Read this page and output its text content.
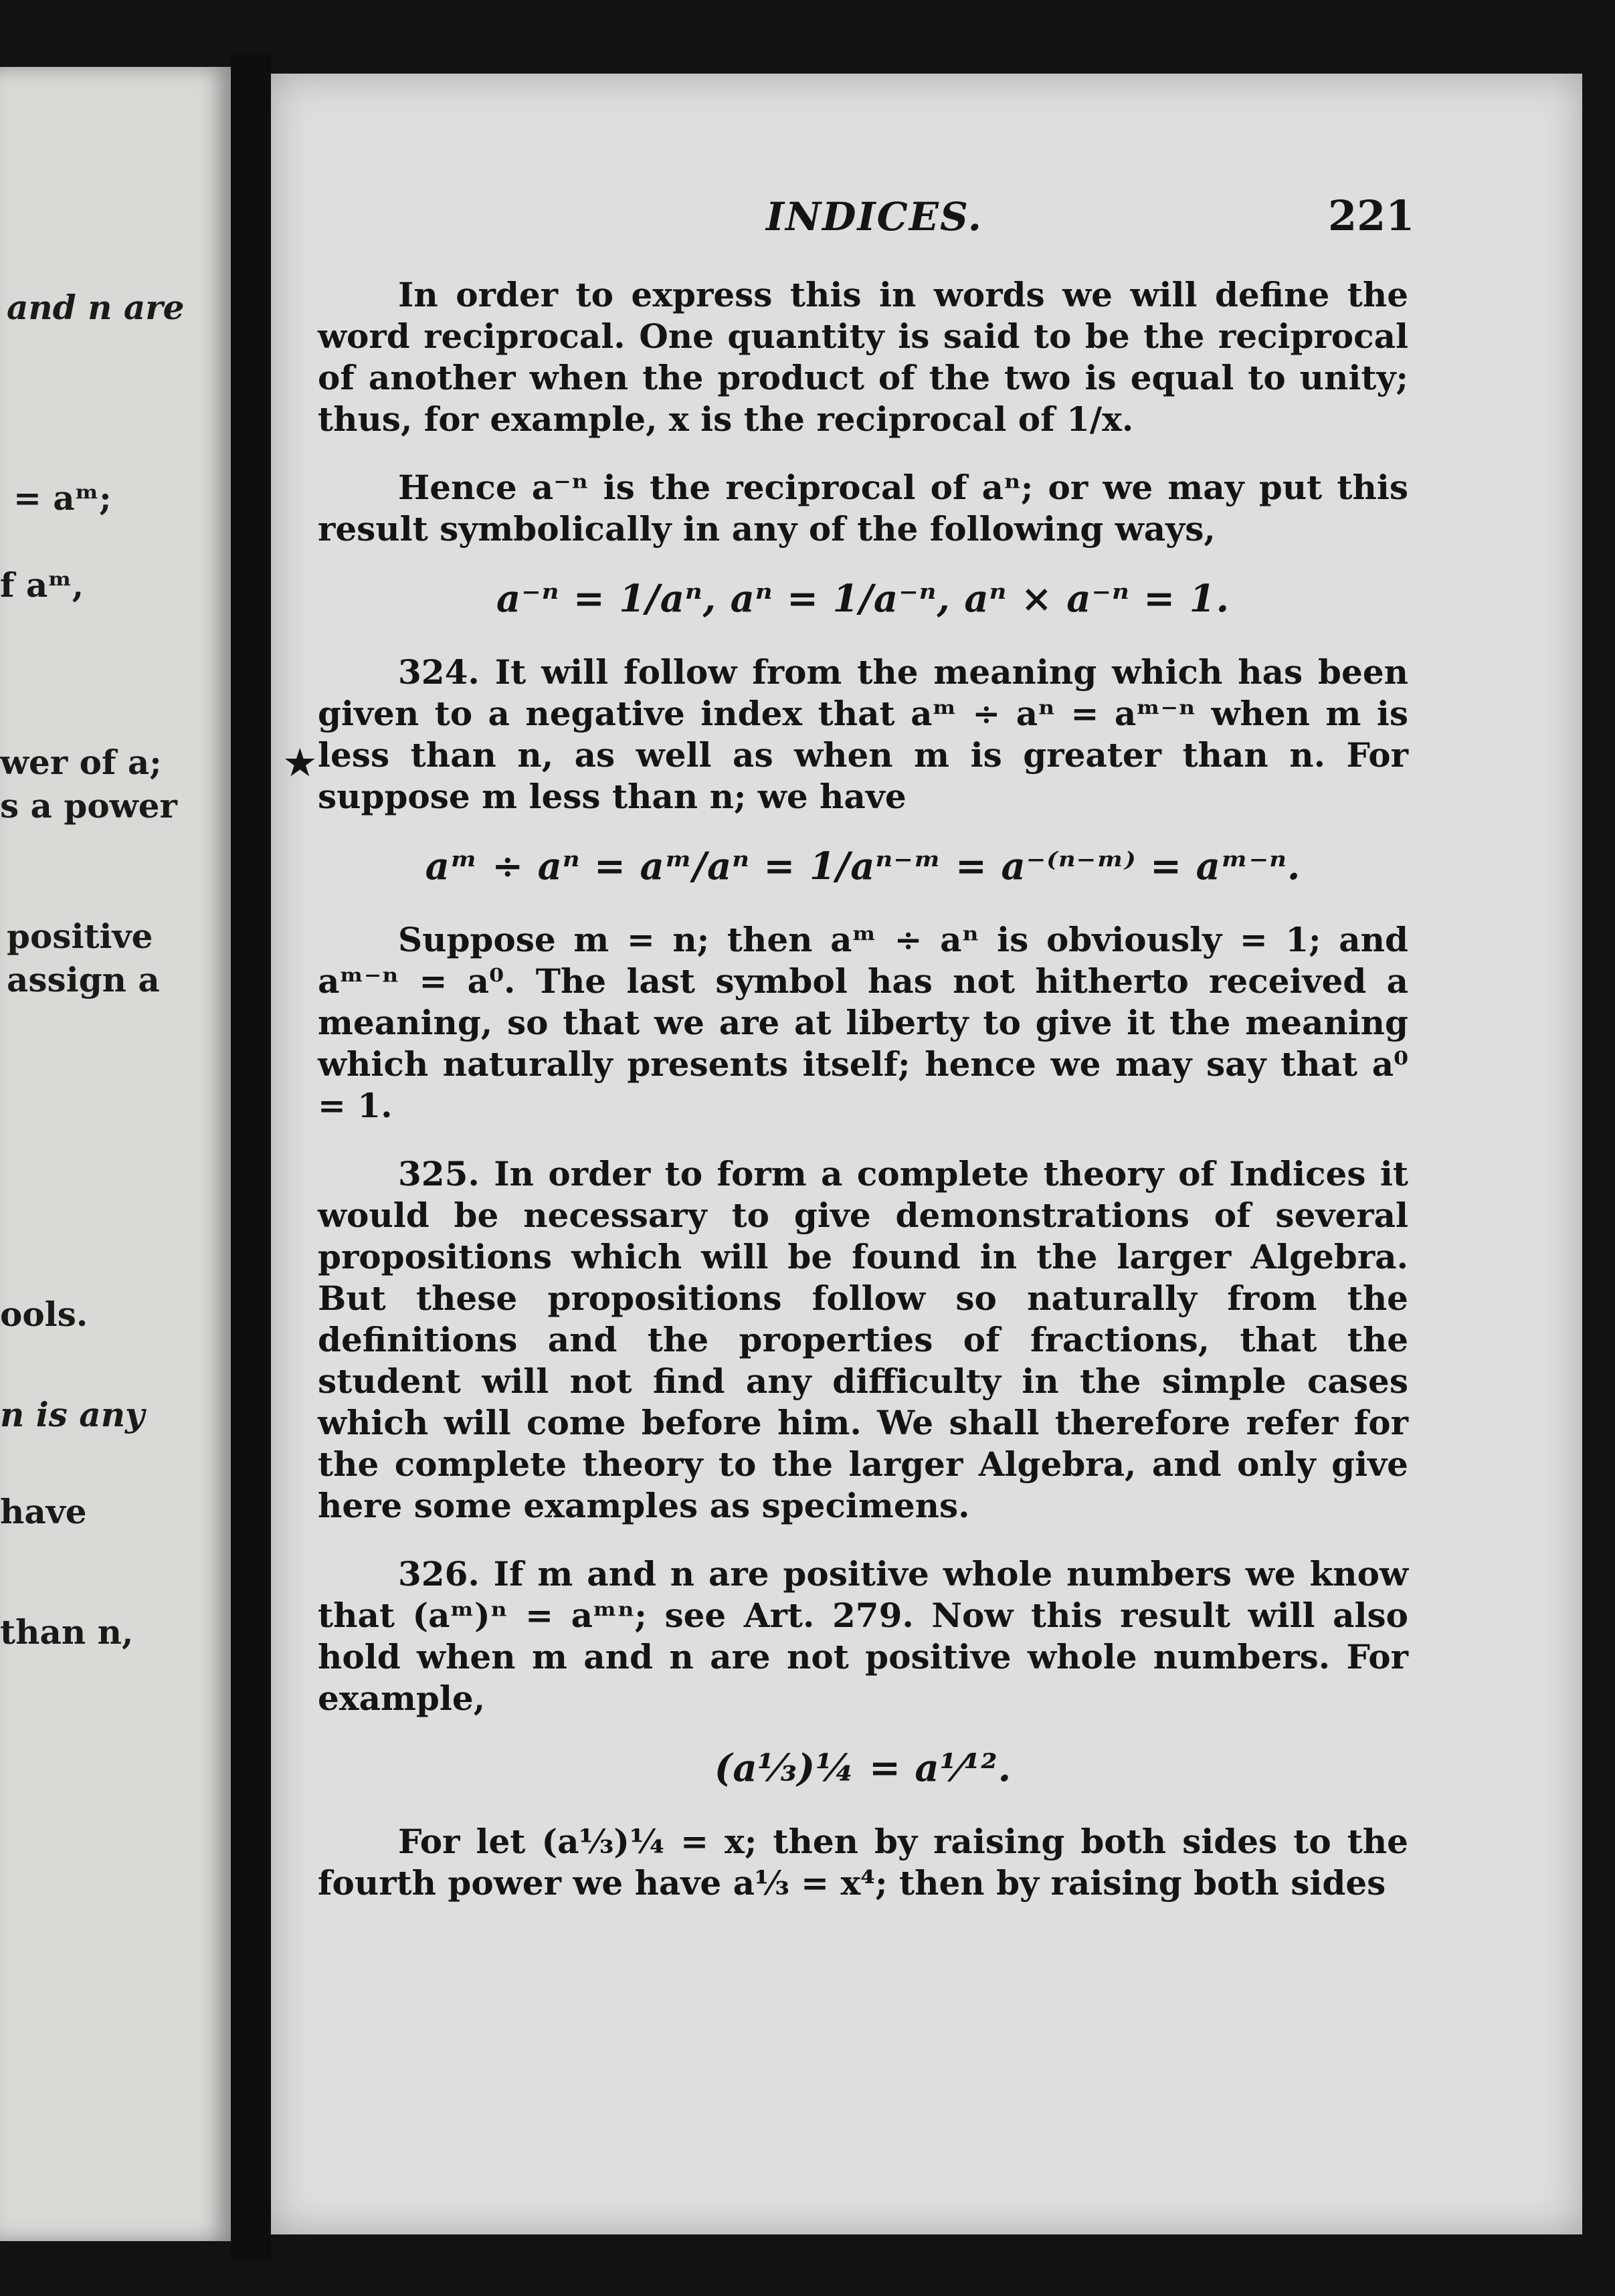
and n are
= aᵐ;
f aᵐ,
wer of a;
s a power
positive
assign a
ools.
n is any
have
than n,
INDICES.	221
★

In order to express this in words we will define the word reciprocal. One quantity is said to be the reciprocal of another when the product of the two is equal to unity; thus, for example, x is the reciprocal of 1/x.

Hence a⁻ⁿ is the reciprocal of aⁿ; or we may put this result symbolically in any of the following ways,

a⁻ⁿ = 1/aⁿ, aⁿ = 1/a⁻ⁿ, aⁿ × a⁻ⁿ = 1.

324. It will follow from the meaning which has been given to a negative index that aᵐ ÷ aⁿ = aᵐ⁻ⁿ when m is less than n, as well as when m is greater than n. For suppose m less than n; we have

aᵐ ÷ aⁿ = aᵐ/aⁿ = 1/aⁿ⁻ᵐ = a⁻⁽ⁿ⁻ᵐ⁾ = aᵐ⁻ⁿ.

Suppose m = n; then aᵐ ÷ aⁿ is obviously = 1; and aᵐ⁻ⁿ = a⁰. The last symbol has not hitherto received a meaning, so that we are at liberty to give it the meaning which naturally presents itself; hence we may say that a⁰ = 1.

325. In order to form a complete theory of Indices it would be necessary to give demonstrations of several propositions which will be found in the larger Algebra. But these propositions follow so naturally from the definitions and the properties of fractions, that the student will not find any difficulty in the simple cases which will come before him. We shall therefore refer for the complete theory to the larger Algebra, and only give here some examples as specimens.

326. If m and n are positive whole numbers we know that (aᵐ)ⁿ = aᵐⁿ; see Art. 279. Now this result will also hold when m and n are not positive whole numbers. For example,

(a⅓)¼ = a¹⁄¹².

For let (a⅓)¼ = x; then by raising both sides to the fourth power we have a⅓ = x⁴; then by raising both sides
